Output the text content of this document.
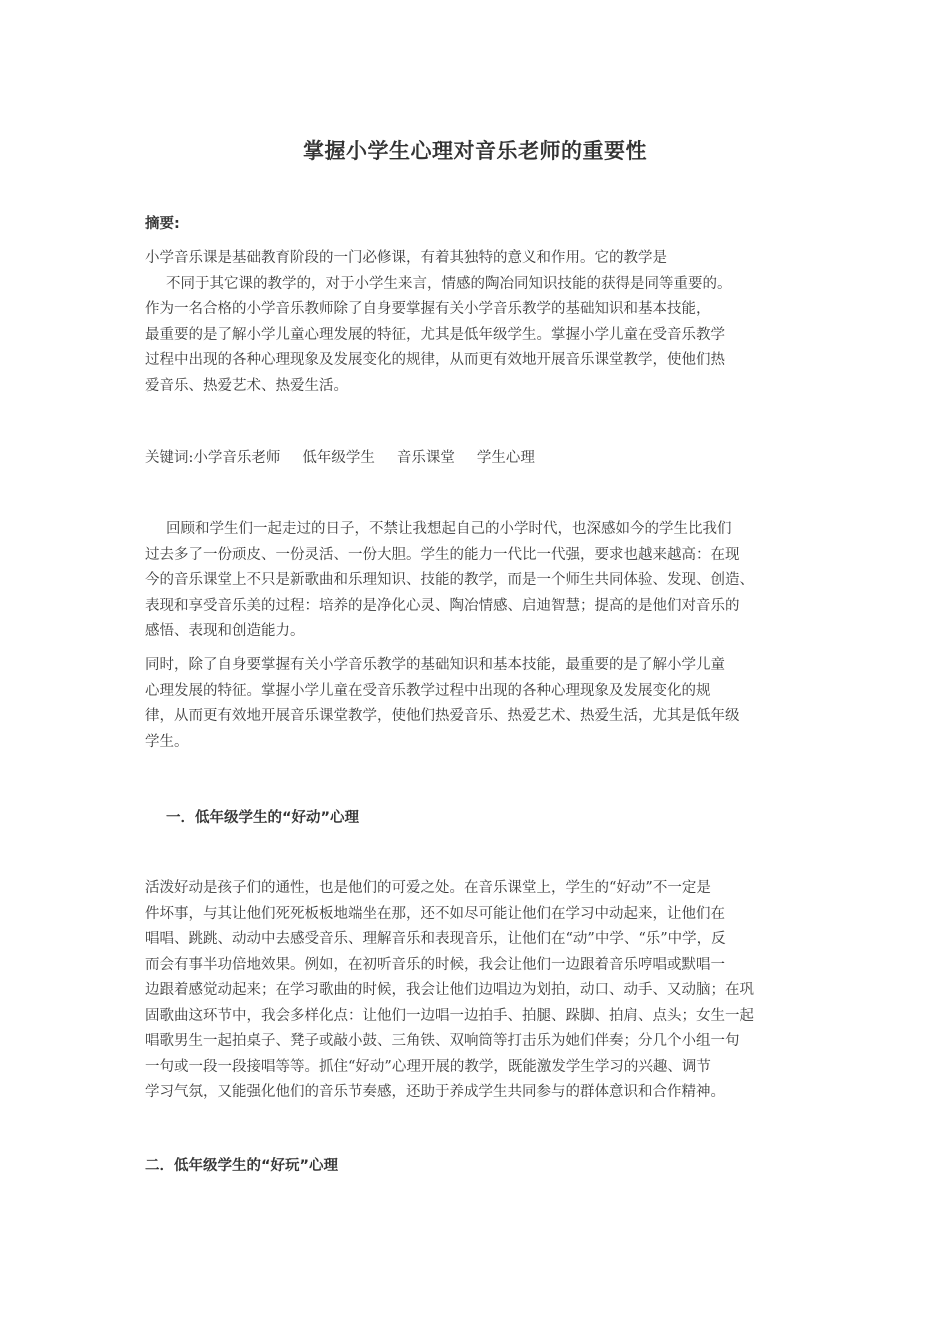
掌握小学生心理对音乐老师的重要性
摘要:
小学音乐课是基础教育阶段的一门必修课，有着其独特的意义和作用。它的教学是
不同于其它课的教学的，对于小学生来言，情感的陶冶同知识技能的获得是同等重要的。
作为一名合格的小学音乐教师除了自身要掌握有关小学音乐教学的基础知识和基本技能，
最重要的是了解小学儿童心理发展的特征，尤其是低年级学生。掌握小学儿童在受音乐教学
过程中出现的各种心理现象及发展变化的规律，从而更有效地开展音乐课堂教学，使他们热
爱音乐、热爱艺术、热爱生活。
关键词:小学音乐老师 低年级学生 音乐课堂 学生心理
回顾和学生们一起走过的日子，不禁让我想起自己的小学时代，也深感如今的学生比我们
过去多了一份顽皮、一份灵活、一份大胆。学生的能力一代比一代强，要求也越来越高：在现
今的音乐课堂上不只是新歌曲和乐理知识、技能的教学，而是一个师生共同体验、发现、创造、
表现和享受音乐美的过程：培养的是净化心灵、陶冶情感、启迪智慧；提高的是他们对音乐的
感悟、表现和创造能力。
同时，除了自身要掌握有关小学音乐教学的基础知识和基本技能，最重要的是了解小学儿童
心理发展的特征。掌握小学儿童在受音乐教学过程中出现的各种心理现象及发展变化的规
律，从而更有效地开展音乐课堂教学，使他们热爱音乐、热爱艺术、热爱生活，尤其是低年级
学生。
一．低年级学生的“好动”心理
活泼好动是孩子们的通性，也是他们的可爱之处。在音乐课堂上，学生的“好动”不一定是
件坏事，与其让他们死死板板地端坐在那，还不如尽可能让他们在学习中动起来，让他们在
唱唱、跳跳、动动中去感受音乐、理解音乐和表现音乐，让他们在“动”中学、“乐”中学，反
而会有事半功倍地效果。例如，在初听音乐的时候，我会让他们一边跟着音乐哼唱或默唱一
边跟着感觉动起来；在学习歌曲的时候，我会让他们边唱边为划拍，动口、动手、又动脑；在巩
固歌曲这环节中，我会多样化点：让他们一边唱一边拍手、拍腿、跺脚、拍肩、点头；女生一起
唱歌男生一起拍桌子、凳子或敲小鼓、三角铁、双响筒等打击乐为她们伴奏；分几个小组一句
一句或一段一段接唱等等。抓住“好动”心理开展的教学，既能激发学生学习的兴趣、调节
学习气氛，又能强化他们的音乐节奏感，还助于养成学生共同参与的群体意识和合作精神。
二．低年级学生的“好玩”心理
